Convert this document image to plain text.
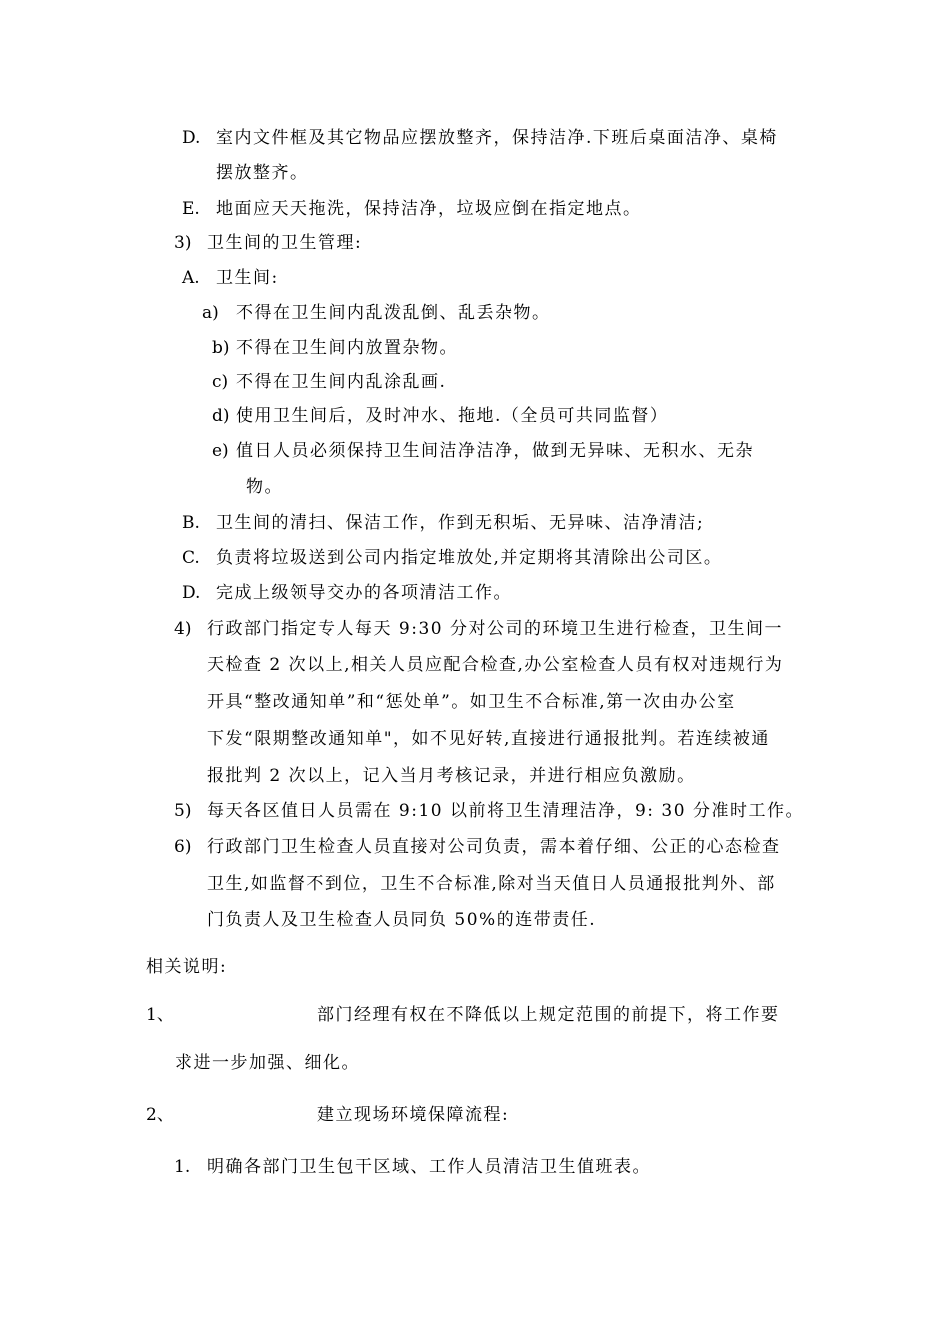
D. 室内文件框及其它物品应摆放整齐，保持洁净.下班后桌面洁净、桌椅
摆放整齐。
E. 地面应天天拖洗，保持洁净，垃圾应倒在指定地点。
3) 卫生间的卫生管理:
A. 卫生间:
a) 不得在卫生间内乱泼乱倒、乱丢杂物。
b) 不得在卫生间内放置杂物。
c) 不得在卫生间内乱涂乱画.
d) 使用卫生间后，及时冲水、拖地.（全员可共同监督）
e) 值日人员必须保持卫生间洁净洁净，做到无异味、无积水、无杂
物。
B. 卫生间的清扫、保洁工作，作到无积垢、无异味、洁净清洁;
C. 负责将垃圾送到公司内指定堆放处,并定期将其清除出公司区。
D. 完成上级领导交办的各项清洁工作。
4) 行政部门指定专人每天 9:30 分对公司的环境卫生进行检查，卫生间一
天检查 2 次以上,相关人员应配合检查,办公室检查人员有权对违规行为
开具“整改通知单”和“惩处单”。如卫生不合标准,第一次由办公室
下发“限期整改通知单"，如不见好转,直接进行通报批判。若连续被通
报批判 2 次以上，记入当月考核记录，并进行相应负激励。
5) 每天各区值日人员需在 9:10 以前将卫生清理洁净，9: 30 分准时工作。
6) 行政部门卫生检查人员直接对公司负责，需本着仔细、公正的心态检查
卫生,如监督不到位，卫生不合标准,除对当天值日人员通报批判外、部
门负责人及卫生检查人员同负 50%的连带责任.
相关说明:
1、	部门经理有权在不降低以上规定范围的前提下，将工作要
求进一步加强、细化。
2、	建立现场环境保障流程:
1. 明确各部门卫生包干区域、工作人员清洁卫生值班表。
